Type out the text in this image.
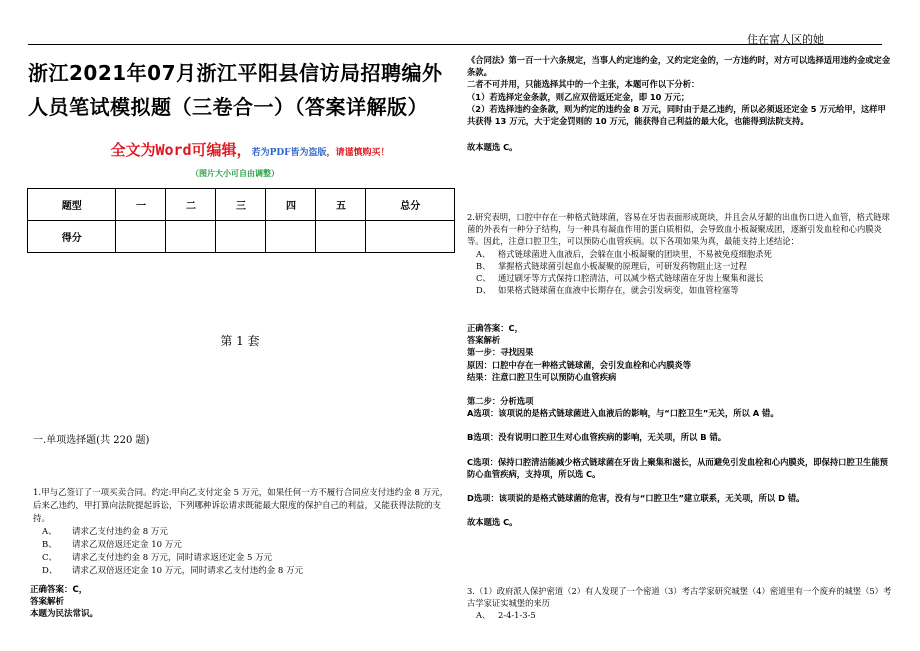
住在富人区的她
浙江2021年07月浙江平阳县信访局招聘编外人员笔试模拟题（三卷合一）（答案详解版）
全文为Word可编辑，若为PDF皆为盗版，请谨慎购买！
（图片大小可自由调整）
题型	一	二	三	四	五	总分
得分						
第 1 套
一.单项选择题(共 220 题)
1.甲与乙签订了一项买卖合同。约定:甲向乙支付定金 5 万元，如果任何一方不履行合同应支付违约金 8 万元，后来乙违约，甲打算向法院提起诉讼，下列哪种诉讼请求既能最大限度的保护自己的利益，又能获得法院的支持。
A、 请求乙支付违约金 8 万元
B、 请求乙双倍返还定金 10 万元
C、 请求乙支付违约金 8 万元，同时请求返还定金 5 万元
D、 请求乙双倍返还定金 10 万元，同时请求乙支付违约金 8 万元
正确答案：C，
答案解析
本题为民法常识。
《合同法》第一百一十六条规定，当事人约定违约金，又约定定金的，一方违约时，对方可以选择适用违约金或定金条款。
二者不可并用，只能选择其中的一个主张，本题可作以下分析：
（1）若选择定金条款，则乙应双倍返还定金，即 10 万元；
（2）若选择违约金条款，则为约定的违约金 8 万元，同时由于是乙违约，所以必须返还定金 5 万元给甲，这样甲共获得 13 万元，大于定金罚则的 10 万元，能获得自己利益的最大化，也能得到法院支持。
故本题选 C。
2.研究表明，口腔中存在一种格式链球菌，容易在牙齿表面形成斑块，并且会从牙龈的出血伤口进入血管，格式链球菌的外表有一种分子结构，与一种具有凝血作用的蛋白质相似，会导致血小板凝聚成团，逐渐引发血栓和心内膜炎等。因此，注意口腔卫生，可以预防心血管疾病。以下各项如果为真，最能支持上述结论：
A、 格式链球菌进入血液后，会躲在血小板凝聚的团块里，不易被免疫细胞杀死
B、 掌握格式链球菌引起血小板凝聚的原理后，可研发药物阻止这一过程
C、 通过刷牙等方式保持口腔清洁，可以减少格式链球菌在牙齿上聚集和滋长
D、 如果格式链球菌在血液中长期存在，就会引发病变，如血管栓塞等
正确答案：C，
答案解析
第一步：寻找因果
原因：口腔中存在一种格式链球菌，会引发血栓和心内膜炎等
结果：注意口腔卫生可以预防心血管疾病
第二步：分析选项
A选项：该项说的是格式链球菌进入血液后的影响，与“口腔卫生”无关，所以 A 错。
B选项：没有说明口腔卫生对心血管疾病的影响，无关项，所以 B 错。
C选项：保持口腔清洁能减少格式链球菌在牙齿上聚集和滋长，从而避免引发血栓和心内膜炎，即保持口腔卫生能预防心血管疾病，支持项，所以选 C。
D选项：该项说的是格式链球菌的危害，没有与“口腔卫生”建立联系，无关项，所以 D 错。
故本题选 C。
3.（1）政府派人保护密道（2）有人发现了一个密道（3）考古学家研究城堡（4）密道里有一个废弃的城堡（5）考古学家证实城堡的来历
A、 2-4-1-3-5
